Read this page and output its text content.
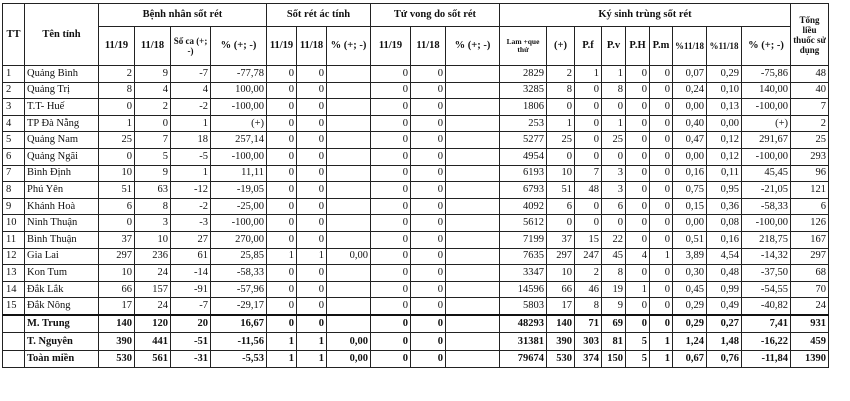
TT	Tên tỉnh	Bệnh nhân sốt rét				Sốt rét ác tính			Tử vong do sốt rét			Ký sinh trùng sốt rét									Tổng liều thuốc sử dụng
		11/19	11/18	Số ca (+; -)	% (+; -)	11/19	11/18	% (+; -)	11/19	11/18	% (+; -)	Lam +que thử	(+)	P.f	P.v	P.H	P.m	%11/18	%11/18	% (+; -)	
1	Quảng Bình	2	9	-7	-77,78	0	0		0	0		2829	2	1	1	0	0	0,07	0,29	-75,86	48
2	Quảng Trị	8	4	4	100,00	0	0		0	0		3285	8	0	8	0	0	0,24	0,10	140,00	40
3	T.T- Huế	0	2	-2	-100,00	0	0		0	0		1806	0	0	0	0	0	0,00	0,13	-100,00	7
4	TP Đà Nẵng	1	0	1	(+)	0	0		0	0		253	1	0	1	0	0	0,40	0,00	(+)	2
5	Quảng Nam	25	7	18	257,14	0	0		0	0		5277	25	0	25	0	0	0,47	0,12	291,67	25
6	Quảng Ngãi	0	5	-5	-100,00	0	0		0	0		4954	0	0	0	0	0	0,00	0,12	-100,00	293
7	Bình Định	10	9	1	11,11	0	0		0	0		6193	10	7	3	0	0	0,16	0,11	45,45	96
8	Phú Yên	51	63	-12	-19,05	0	0		0	0		6793	51	48	3	0	0	0,75	0,95	-21,05	121
9	Khánh Hoà	6	8	-2	-25,00	0	0		0	0		4092	6	0	6	0	0	0,15	0,36	-58,33	6
10	Ninh Thuận	0	3	-3	-100,00	0	0		0	0		5612	0	0	0	0	0	0,00	0,08	-100,00	126
11	Bình Thuận	37	10	27	270,00	0	0		0	0		7199	37	15	22	0	0	0,51	0,16	218,75	167
12	Gia Lai	297	236	61	25,85	1	1	0,00	0	0		7635	297	247	45	4	1	3,89	4,54	-14,32	297
13	Kon Tum	10	24	-14	-58,33	0	0		0	0		3347	10	2	8	0	0	0,30	0,48	-37,50	68
14	Đắk Lắk	66	157	-91	-57,96	0	0		0	0		14596	66	46	19	1	0	0,45	0,99	-54,55	70
15	Đắk Nông	17	24	-7	-29,17	0	0		0	0		5803	17	8	9	0	0	0,29	0,49	-40,82	24
	M. Trung	140	120	20	16,67	0	0		0	0		48293	140	71	69	0	0	0,29	0,27	7,41	931
	T. Nguyên	390	441	-51	-11,56	1	1	0,00	0	0		31381	390	303	81	5	1	1,24	1,48	-16,22	459
	Toàn miền	530	561	-31	-5,53	1	1	0,00	0	0		79674	530	374	150	5	1	0,67	0,76	-11,84	1390
